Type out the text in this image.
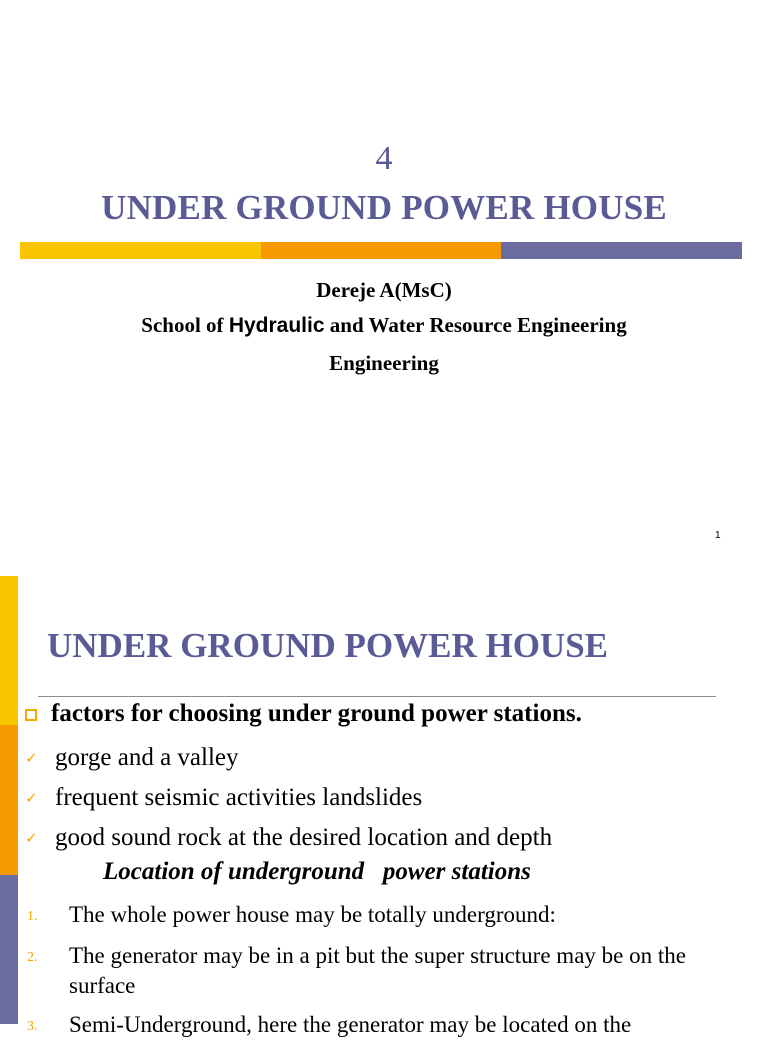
4
UNDER GROUND POWER HOUSE
Dereje A(MsC)
School of Hydraulic and Water Resource Engineering
Engineering
1
UNDER GROUND POWER HOUSE
factors for choosing under ground power stations.
✓ gorge and a valley
✓ frequent seismic activities landslides
✓ good sound rock at the desired location and depth
Location of underground   power stations
1.	The whole power house may be totally underground:
2.	The generator may be in a pit but the super structure may be on the surface
3.	Semi-Underground, here the generator may be located on the
